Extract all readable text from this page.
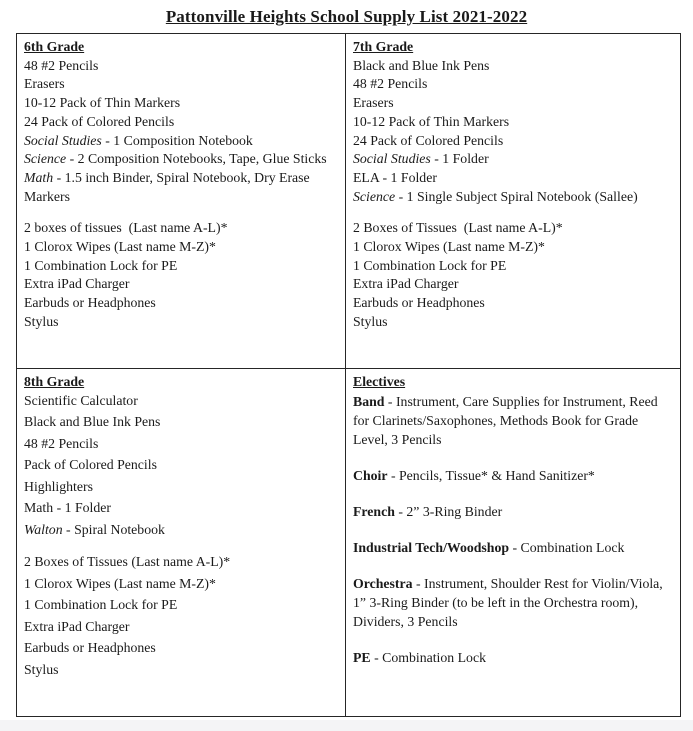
Pattonville Heights School Supply List 2021-2022
6th Grade
48 #2 Pencils
Erasers
10-12 Pack of Thin Markers
24 Pack of Colored Pencils
Social Studies - 1 Composition Notebook
Science - 2 Composition Notebooks, Tape, Glue Sticks
Math - 1.5 inch Binder, Spiral Notebook, Dry Erase Markers
2 boxes of tissues  (Last name A-L)*
1 Clorox Wipes (Last name M-Z)*
1 Combination Lock for PE
Extra iPad Charger
Earbuds or Headphones
Stylus
7th Grade
Black and Blue Ink Pens
48 #2 Pencils
Erasers
10-12 Pack of Thin Markers
24 Pack of Colored Pencils
Social Studies - 1 Folder
ELA - 1 Folder
Science - 1 Single Subject Spiral Notebook (Sallee)
2 Boxes of Tissues  (Last name A-L)*
1 Clorox Wipes (Last name M-Z)*
1 Combination Lock for PE
Extra iPad Charger
Earbuds or Headphones
Stylus
8th Grade
Scientific Calculator
Black and Blue Ink Pens
48 #2 Pencils
Pack of Colored Pencils
Highlighters
Math - 1 Folder
Walton - Spiral Notebook
2 Boxes of Tissues (Last name A-L)*
1 Clorox Wipes (Last name M-Z)*
1 Combination Lock for PE
Extra iPad Charger
Earbuds or Headphones
Stylus
Electives
Band - Instrument, Care Supplies for Instrument, Reed for Clarinets/Saxophones, Methods Book for Grade Level, 3 Pencils
Choir - Pencils, Tissue* & Hand Sanitizer*
French - 2” 3-Ring Binder
Industrial Tech/Woodshop - Combination Lock
Orchestra - Instrument, Shoulder Rest for Violin/Viola, 1” 3-Ring Binder (to be left in the Orchestra room), Dividers, 3 Pencils
PE - Combination Lock
